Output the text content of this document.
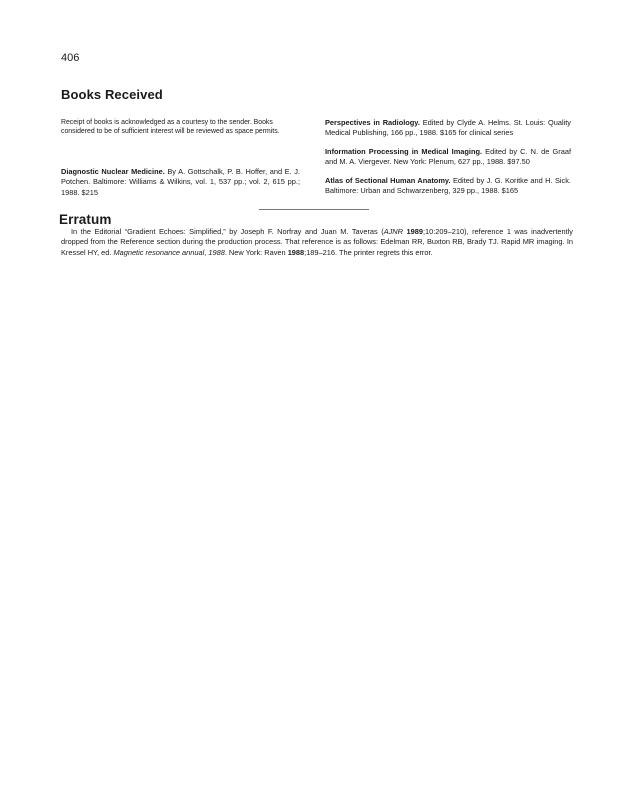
406
Books Received

Receipt of books is acknowledged as a courtesy to the sender. Books considered to be of sufficient interest will be reviewed as space permits.

Diagnostic Nuclear Medicine. By A. Gottschalk, P. B. Hoffer, and E. J. Potchen. Baltimore: Williams & Wilkins, vol. 1, 537 pp.; vol. 2, 615 pp.; 1988. $215

Perspectives in Radiology. Edited by Clyde A. Helms. St. Louis: Quality Medical Publishing, 166 pp., 1988. $165 for clinical series

Information Processing in Medical Imaging. Edited by C. N. de Graaf and M. A. Viergever. New York: Plenum, 627 pp., 1988. $97.50

Atlas of Sectional Human Anatomy. Edited by J. G. Koritke and H. Sick. Baltimore: Urban and Schwarzenberg, 329 pp., 1988. $165

Erratum

In the Editorial “Gradient Echoes: Simplified,” by Joseph F. Norfray and Juan M. Taveras (AJNR 1989;10:209–210), reference 1 was inadvertently dropped from the Reference section during the production process. That reference is as follows: Edelman RR, Buxton RB, Brady TJ. Rapid MR imaging. In Kressel HY, ed. Magnetic resonance annual, 1988. New York: Raven 1988;189–216. The printer regrets this error.
